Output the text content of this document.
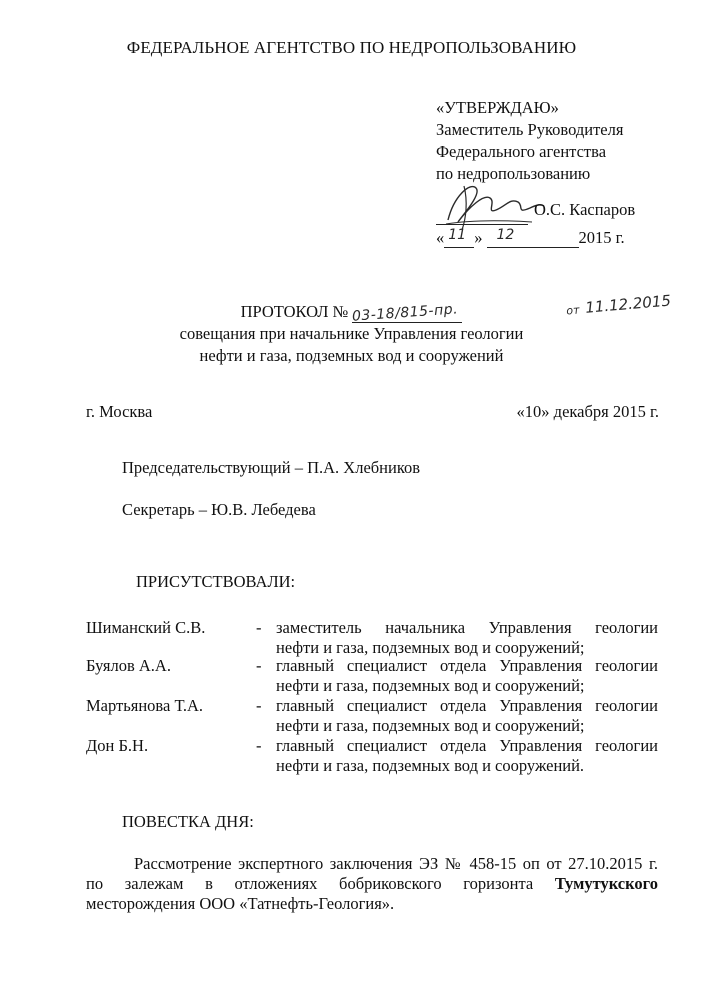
ФЕДЕРАЛЬНОЕ АГЕНТСТВО ПО НЕДРОПОЛЬЗОВАНИЮ
«УТВЕРЖДАЮ»
Заместитель Руководителя
Федерального агентства
по недропользованию
О.С. Каспаров
« 11 » 12	2015 г.
ПРОТОКОЛ № 03-18/815-пр.	от 11.12.2015
совещания при начальнике Управления геологии
нефти и газа, подземных вод и сооружений
г. Москва	«10» декабря 2015 г.
Председательствующий – П.А. Хлебников
Секретарь – Ю.В. Лебедева
ПРИСУТСТВОВАЛИ:
Шиманский С.В.	- заместитель начальника Управления геологии
нефти и газа, подземных вод и сооружений;
Буялов А.А.	- главный специалист отдела Управления геологии
нефти и газа, подземных вод и сооружений;
Мартьянова Т.А.	- главный специалист отдела Управления геологии
нефти и газа, подземных вод и сооружений;
Дон Б.Н.	- главный специалист отдела Управления геологии
нефти и газа, подземных вод и сооружений.
ПОВЕСТКА ДНЯ:
Рассмотрение экспертного заключения ЭЗ № 458-15 оп от 27.10.2015 г.
по залежам в отложениях бобриковского горизонта Тумутукского
месторождения ООО «Татнефть-Геология».
